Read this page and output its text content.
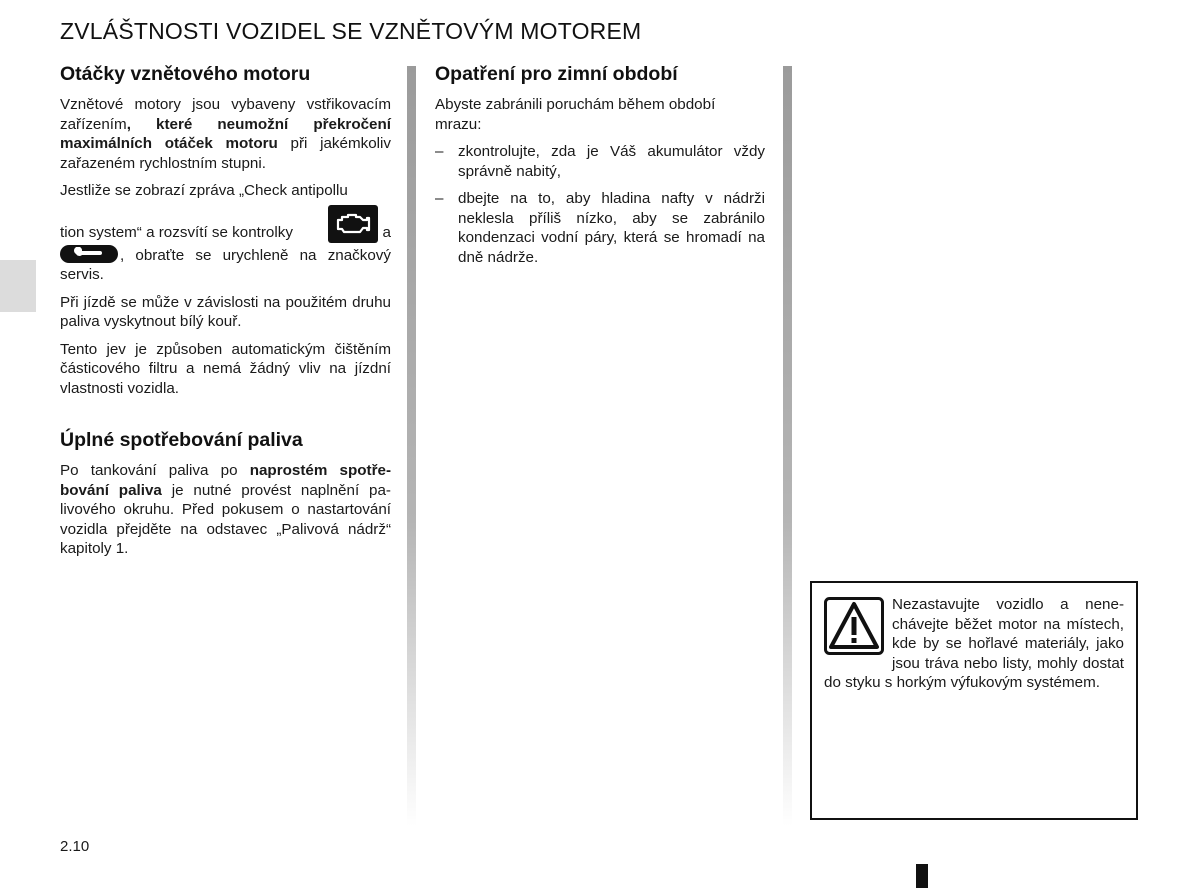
ZVLÁŠTNOSTI VOZIDEL SE VZNĚTOVÝM MOTOREM
Otáčky vznětového motoru

Vznětové motory jsou vybaveny vstřikovacím zařízením, které neumožní překročení maximálních otáček motoru při jakémkoliv zařazeném rychlostním stupni.

Jestliže se zobrazí zpráva „Check antipollu

tion system“ a rozsvítí se kontrolky	a

, obraťte se urychleně na značkový servis.

Při jízdě se může v závislosti na použitém druhu paliva vyskytnout bílý kouř.

Tento jev je způsoben automatickým čištěním částicového filtru a nemá žádný vliv na jízdní vlastnosti vozidla.

Úplné spotřebování paliva

Po tankování paliva po naprostém spotřebování paliva je nutné provést naplnění palivového okruhu. Před pokusem o nastartování vozidla přejděte na odstavec „Palivová nádrž“ kapitoly 1.

Opatření pro zimní období

Abyste zabránili poruchám během období mrazu:

– zkontrolujte, zda je Váš akumulátor vždy správně nabitý,
– dbejte na to, aby hladina nafty v nádrži neklesla příliš nízko, aby se zabránilo kondenzaci vodní páry, která se hromadí na dně nádrže.

Nezastavujte vozidlo a nenechávejte běžet motor na místech, kde by se hořlavé materiály, jako jsou tráva nebo listy, mohly dostat do styku s horkým výfukovým systémem.

2.10
